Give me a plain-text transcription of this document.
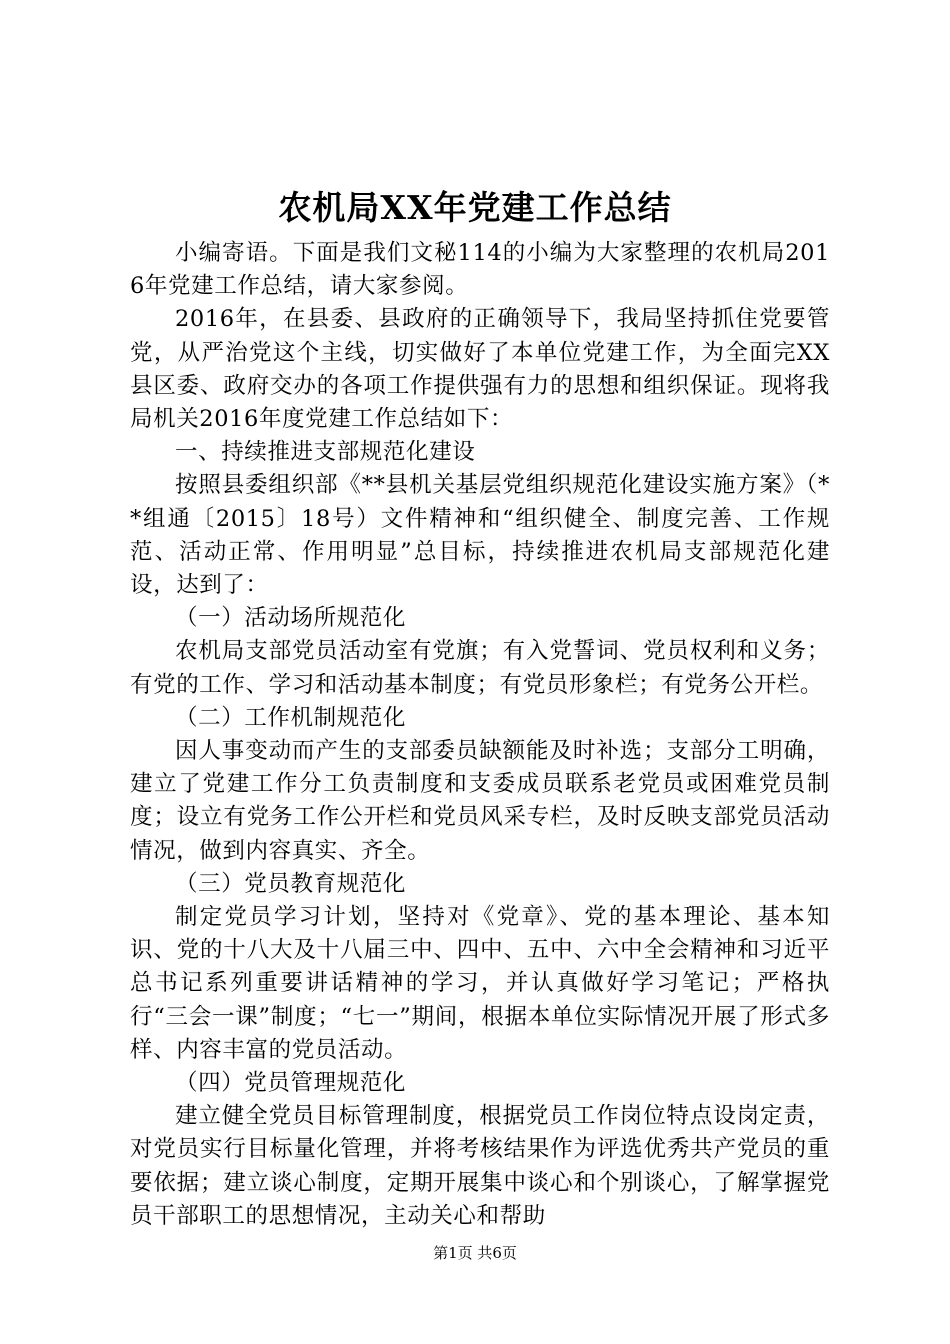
农机局XX年党建工作总结

小编寄语。下面是我们文秘114的小编为大家整理的农机局2016年党建工作总结，请大家参阅。

2016年，在县委、县政府的正确领导下，我局坚持抓住党要管党，从严治党这个主线，切实做好了本单位党建工作，为全面完XX县区委、政府交办的各项工作提供强有力的思想和组织保证。现将我局机关2016年度党建工作总结如下：

一、持续推进支部规范化建设

按照县委组织部《**县机关基层党组织规范化建设实施方案》（**组通〔2015〕18号）文件精神和“组织健全、制度完善、工作规范、活动正常、作用明显”总目标，持续推进农机局支部规范化建设，达到了：

（一）活动场所规范化

农机局支部党员活动室有党旗；有入党誓词、党员权利和义务；有党的工作、学习和活动基本制度；有党员形象栏；有党务公开栏。

（二）工作机制规范化

因人事变动而产生的支部委员缺额能及时补选；支部分工明确，建立了党建工作分工负责制度和支委成员联系老党员或困难党员制度；设立有党务工作公开栏和党员风采专栏，及时反映支部党员活动情况，做到内容真实、齐全。

（三）党员教育规范化

制定党员学习计划，坚持对《党章》、党的基本理论、基本知识、党的十八大及十八届三中、四中、五中、六中全会精神和习近平总书记系列重要讲话精神的学习，并认真做好学习笔记；严格执行“三会一课”制度；“七一”期间，根据本单位实际情况开展了形式多样、内容丰富的党员活动。

（四）党员管理规范化

建立健全党员目标管理制度，根据党员工作岗位特点设岗定责，对党员实行目标量化管理，并将考核结果作为评选优秀共产党员的重要依据；建立谈心制度，定期开展集中谈心和个别谈心，了解掌握党员干部职工的思想情况，主动关心和帮助

第1页 共6页
